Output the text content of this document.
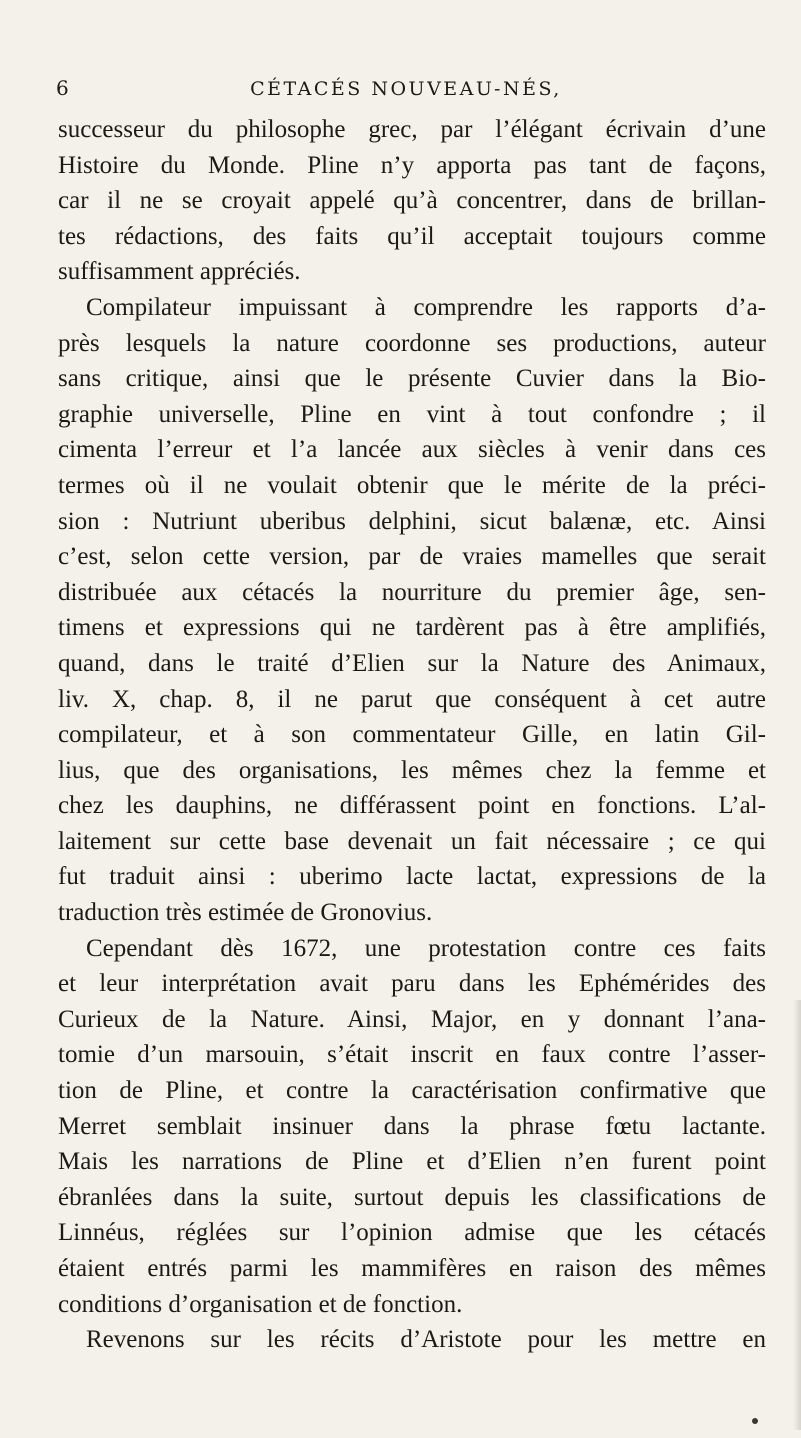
6	CÉTACÉS NOUVEAU-NÉS,
successeur du philosophe grec, par l’élégant écrivain d’une
Histoire du Monde. Pline n’y apporta pas tant de façons,
car il ne se croyait appelé qu’à concentrer, dans de brillan-
tes rédactions, des faits qu’il acceptait toujours comme
suffisamment appréciés.
Compilateur impuissant à comprendre les rapports d’a-
près lesquels la nature coordonne ses productions, auteur
sans critique, ainsi que le présente Cuvier dans la Bio-
graphie universelle, Pline en vint à tout confondre ; il
cimenta l’erreur et l’a lancée aux siècles à venir dans ces
termes où il ne voulait obtenir que le mérite de la préci-
sion : Nutriunt uberibus delphini, sicut balænæ, etc. Ainsi
c’est, selon cette version, par de vraies mamelles que serait
distribuée aux cétacés la nourriture du premier âge, sen-
timens et expressions qui ne tardèrent pas à être amplifiés,
quand, dans le traité d’Elien sur la Nature des Animaux,
liv. X, chap. 8, il ne parut que conséquent à cet autre
compilateur, et à son commentateur Gille, en latin Gil-
lius, que des organisations, les mêmes chez la femme et
chez les dauphins, ne différassent point en fonctions. L’al-
laitement sur cette base devenait un fait nécessaire ; ce qui
fut traduit ainsi : uberimo lacte lactat, expressions de la
traduction très estimée de Gronovius.
Cependant dès 1672, une protestation contre ces faits
et leur interprétation avait paru dans les Ephémérides des
Curieux de la Nature. Ainsi, Major, en y donnant l’ana-
tomie d’un marsouin, s’était inscrit en faux contre l’asser-
tion de Pline, et contre la caractérisation confirmative que
Merret semblait insinuer dans la phrase fœtu lactante.
Mais les narrations de Pline et d’Elien n’en furent point
ébranlées dans la suite, surtout depuis les classifications de
Linnéus, réglées sur l’opinion admise que les cétacés
étaient entrés parmi les mammifères en raison des mêmes
conditions d’organisation et de fonction.
Revenons sur les récits d’Aristote pour les mettre en
